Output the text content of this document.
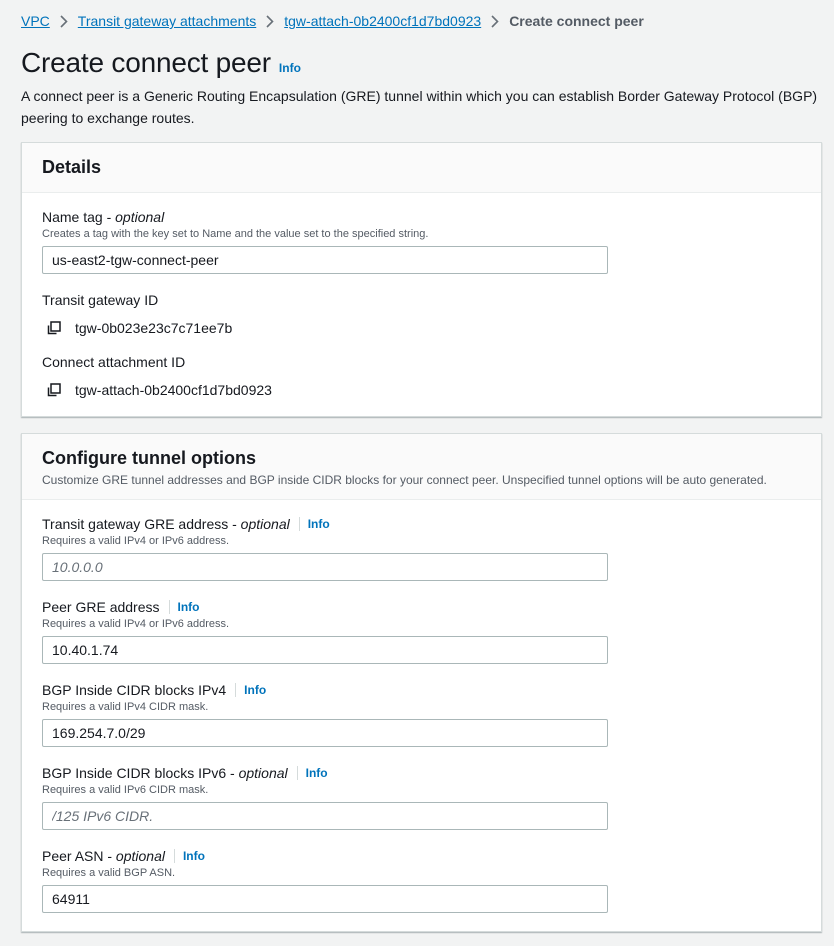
VPC Transit gateway attachments tgw-attach-0b2400cf1d7bd0923 Create connect peer
Create connect peer Info

A connect peer is a Generic Routing Encapsulation (GRE) tunnel within which you can establish Border Gateway Protocol (BGP) peering to exchange routes.

Details
Name tag -
optional
Creates a tag with the key set to Name and the value set to the specified string.
us-east2-tgw-connect-peer
Transit gateway ID
tgw-0b023e23c7c71ee7b
Connect attachment ID
tgw-attach-0b2400cf1d7bd0923
Configure tunnel options
Customize GRE tunnel addresses and BGP inside CIDR blocks for your connect peer. Unspecified tunnel options will be auto generated.
Transit gateway GRE address -
optional Info
Requires a valid IPv4 or IPv6 address.
10.0.0.0
Peer GRE address Info
Requires a valid IPv4 or IPv6 address.
10.40.1.74
BGP Inside CIDR blocks IPv4 Info
Requires a valid IPv4 CIDR mask.
169.254.7.0/29
BGP Inside CIDR blocks IPv6 -
optional Info
Requires a valid IPv6 CIDR mask.
/125 IPv6 CIDR.
Peer ASN -
optional Info
Requires a valid BGP ASN.
64911
